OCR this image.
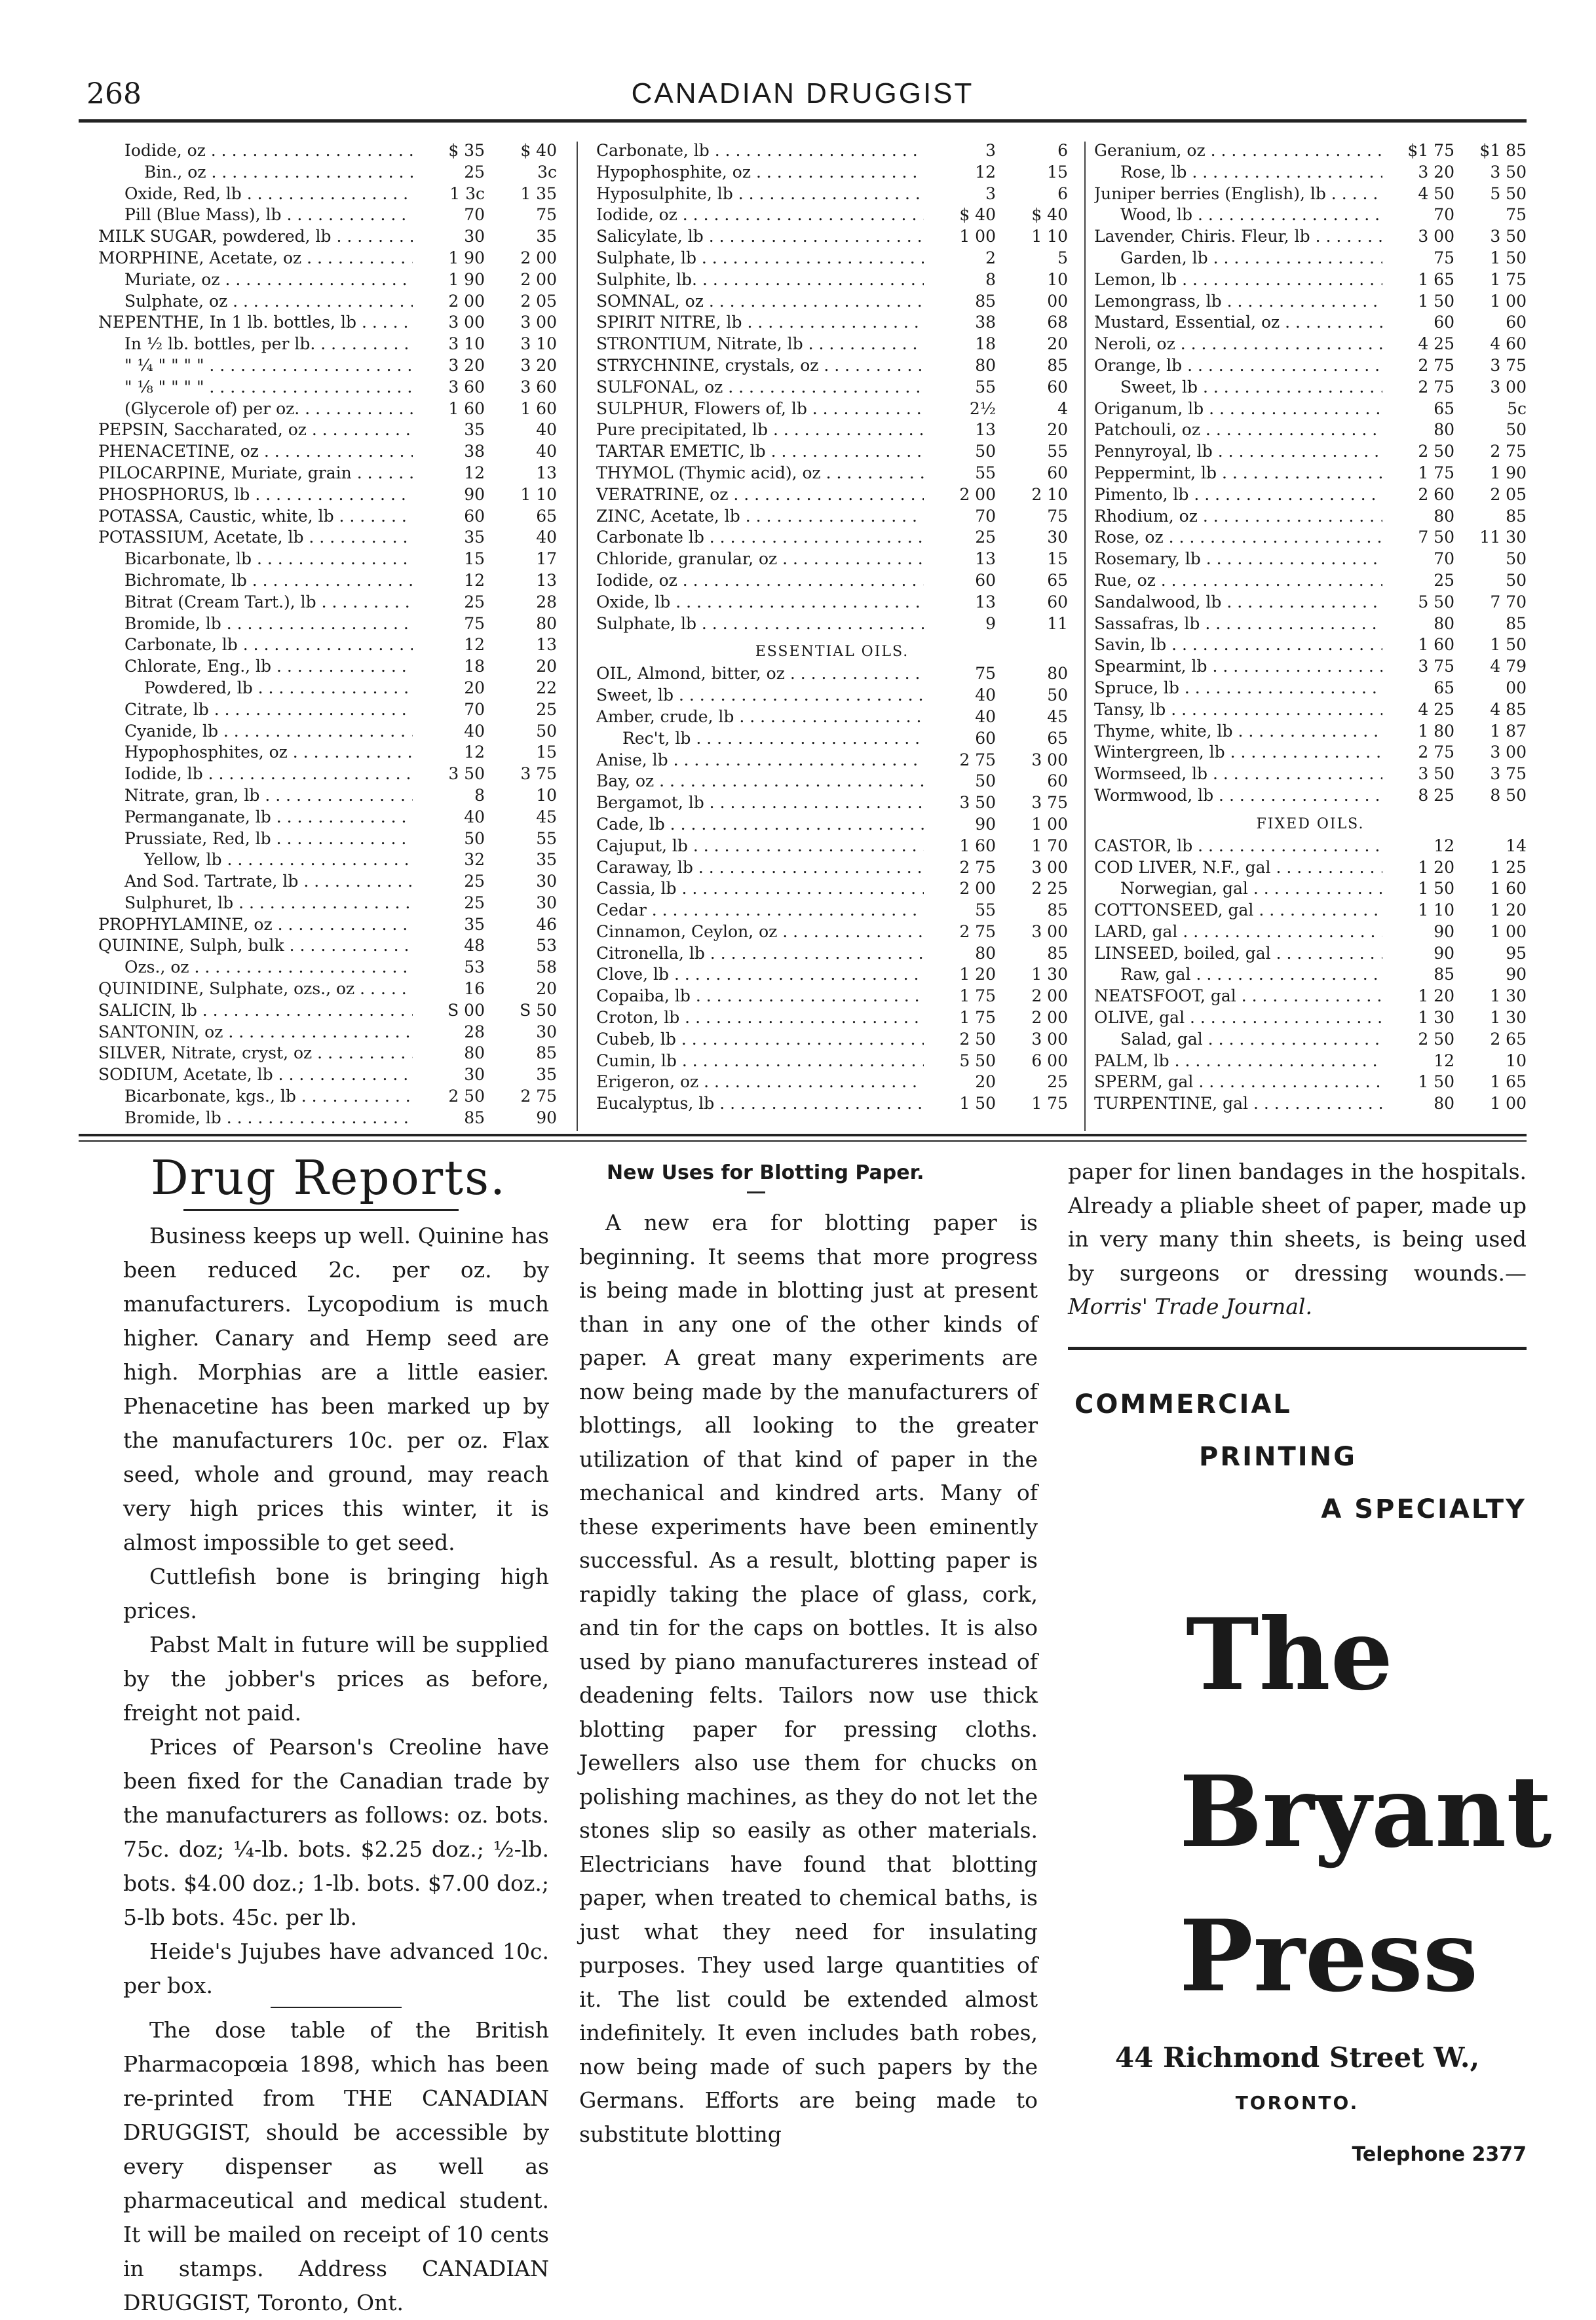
268	CANADIAN DRUGGIST
Iodide, oz . . .	$ 35	$ 40
Bin., oz . . .	25	3c
Oxide, Red, lb . . .	1 3c	1 35
Pill (Blue Mass), lb . . .	70	75
MILK SUGAR, powdered, lb . . .	30	35
MORPHINE, Acetate, oz . . .	1 90	2 00
Muriate, oz . . .	1 90	2 00
Sulphate, oz . . .	2 00	2 05
NEPENTHE, In 1 lb. bottles, lb . . .	3 00	3 00
In ½ lb. bottles, per lb. . . .	3 10	3 10
" ¼ " " " " . . .	3 20	3 20
" ⅛ " " " " . . .	3 60	3 60
(Glycerole of) per oz. . . .	1 60	1 60
PEPSIN, Saccharated, oz . . .	35	40
PHENACETINE, oz . . .	38	40
PILOCARPINE, Muriate, grain . . .	12	13
PHOSPHORUS, lb . . .	90	1 10
POTASSA, Caustic, white, lb . . .	60	65
POTASSIUM, Acetate, lb . . .	35	40
Bicarbonate, lb . . .	15	17
Bichromate, lb . . .	12	13
Bitrat (Cream Tart.), lb . . .	25	28
Bromide, lb . . .	75	80
Carbonate, lb . . .	12	13
Chlorate, Eng., lb . . .	18	20
Powdered, lb . . .	20	22
Citrate, lb . . .	70	25
Cyanide, lb . . .	40	50
Hypophosphites, oz . . .	12	15
Iodide, lb . . .	3 50	3 75
Nitrate, gran, lb . . .	8	10
Permanganate, lb . . .	40	45
Prussiate, Red, lb . . .	50	55
Yellow, lb . . .	32	35
And Sod. Tartrate, lb . . .	25	30
Sulphuret, lb . . .	25	30
PROPHYLAMINE, oz . . .	35	46
QUININE, Sulph, bulk . . .	48	53
Ozs., oz . . .	53	58
QUINIDINE, Sulphate, ozs., oz . . .	16	20
SALICIN, lb . . .	S 00	S 50
SANTONIN, oz . . .	28	30
SILVER, Nitrate, cryst, oz . . .	80	85
SODIUM, Acetate, lb . . .	30	35
Bicarbonate, kgs., lb . . .	2 50	2 75
Bromide, lb . . .	85	90
Carbonate, lb . . .	3	6
Hypophosphite, oz . . .	12	15
Hyposulphite, lb . . .	3	6
Iodide, oz . . .	$ 40	$ 40
Salicylate, lb . . .	1 00	1 10
Sulphate, lb . . .	2	5
Sulphite, lb. . . .	8	10
SOMNAL, oz . . .	85	00
SPIRIT NITRE, lb . . .	38	68
STRONTIUM, Nitrate, lb . . .	18	20
STRYCHNINE, crystals, oz . . .	80	85
SULFONAL, oz . . .	55	60
SULPHUR, Flowers of, lb . . .	2½	4
Pure precipitated, lb . . .	13	20
TARTAR EMETIC, lb . . .	50	55
THYMOL (Thymic acid), oz . . .	55	60
VERATRINE, oz . . .	2 00	2 10
ZINC, Acetate, lb . . .	70	75
Carbonate lb . . .	25	30
Chloride, granular, oz . . .	13	15
Iodide, oz . . .	60	65
Oxide, lb . . .	13	60
Sulphate, lb . . .	9	11
ESSENTIAL OILS.
OIL, Almond, bitter, oz . . .	75	80
Sweet, lb . . .	40	50
Amber, crude, lb . . .	40	45
Rec't, lb . . .	60	65
Anise, lb . . .	2 75	3 00
Bay, oz . . .	50	60
Bergamot, lb . . .	3 50	3 75
Cade, lb . . .	90	1 00
Cajuput, lb . . .	1 60	1 70
Caraway, lb . . .	2 75	3 00
Cassia, lb . . .	2 00	2 25
Cedar . . .	55	85
Cinnamon, Ceylon, oz . . .	2 75	3 00
Citronella, lb . . .	80	85
Clove, lb . . .	1 20	1 30
Copaiba, lb . . .	1 75	2 00
Croton, lb . . .	1 75	2 00
Cubeb, lb . . .	2 50	3 00
Cumin, lb . . .	5 50	6 00
Erigeron, oz . . .	20	25
Eucalyptus, lb . . .	1 50	1 75
Geranium, oz . . .	$1 75	$1 85
Rose, lb . . .	3 20	3 50
Juniper berries (English), lb . . .	4 50	5 50
Wood, lb . . .	70	75
Lavender, Chiris. Fleur, lb . . .	3 00	3 50
Garden, lb . . .	75	1 50
Lemon, lb . . .	1 65	1 75
Lemongrass, lb . . .	1 50	1 00
Mustard, Essential, oz . . .	60	60
Neroli, oz . . .	4 25	4 60
Orange, lb . . .	2 75	3 75
Sweet, lb . . .	2 75	3 00
Origanum, lb . . .	65	5c
Patchouli, oz . . .	80	50
Pennyroyal, lb . . .	2 50	2 75
Peppermint, lb . . .	1 75	1 90
Pimento, lb . . .	2 60	2 05
Rhodium, oz . . .	80	85
Rose, oz . . .	7 50	11 30
Rosemary, lb . . .	70	50
Rue, oz . . .	25	50
Sandalwood, lb . . .	5 50	7 70
Sassafras, lb . . .	80	85
Savin, lb . . .	1 60	1 50
Spearmint, lb . . .	3 75	4 79
Spruce, lb . . .	65	00
Tansy, lb . . .	4 25	4 85
Thyme, white, lb . . .	1 80	1 87
Wintergreen, lb . . .	2 75	3 00
Wormseed, lb . . .	3 50	3 75
Wormwood, lb . . .	8 25	8 50
FIXED OILS.
CASTOR, lb . . .	12	14
COD LIVER, N.F., gal . . .	1 20	1 25
Norwegian, gal . . .	1 50	1 60
COTTONSEED, gal . . .	1 10	1 20
LARD, gal . . .	90	1 00
LINSEED, boiled, gal . . .	90	95
Raw, gal . . .	85	90
NEATSFOOT, gal . . .	1 20	1 30
OLIVE, gal . . .	1 30	1 30
Salad, gal . . .	2 50	2 65
PALM, lb . . .	12	10
SPERM, gal . . .	1 50	1 65
TURPENTINE, gal . . .	80	1 00
Drug Reports.

Business keeps up well. Quinine has been reduced 2c. per oz. by manufacturers. Lycopodium is much higher. Canary and Hemp seed are high. Morphias are a little easier. Phenacetine has been marked up by the manufacturers 10c. per oz. Flax seed, whole and ground, may reach very high prices this winter, it is almost impossible to get seed.

Cuttlefish bone is bringing high prices.

Pabst Malt in future will be supplied by the jobber's prices as before, freight not paid.

Prices of Pearson's Creoline have been fixed for the Canadian trade by the manufacturers as follows: oz. bots. 75c. doz; ¼-lb. bots. $2.25 doz.; ½-lb. bots. $4.00 doz.; 1-lb. bots. $7.00 doz.; 5-lb bots. 45c. per lb.

Heide's Jujubes have advanced 10c. per box.

The dose table of the British Pharmacopœia 1898, which has been re-printed from THE CANADIAN DRUGGIST, should be accessible by every dispenser as well as pharmaceutical and medical student. It will be mailed on receipt of 10 cents in stamps. Address CANADIAN DRUGGIST, Toronto, Ont.

New Uses for Blotting Paper.

A new era for blotting paper is beginning. It seems that more progress is being made in blotting just at present than in any one of the other kinds of paper. A great many experiments are now being made by the manufacturers of blottings, all looking to the greater utilization of that kind of paper in the mechanical and kindred arts. Many of these experiments have been eminently successful. As a result, blotting paper is rapidly taking the place of glass, cork, and tin for the caps on bottles. It is also used by piano manufactureres instead of deadening felts. Tailors now use thick blotting paper for pressing cloths. Jewellers also use them for chucks on polishing machines, as they do not let the stones slip so easily as other materials. Electricians have found that blotting paper, when treated to chemical baths, is just what they need for insulating purposes. They used large quantities of it. The list could be extended almost indefinitely. It even includes bath robes, now being made of such papers by the Germans. Efforts are being made to substitute blotting

paper for linen bandages in the hospitals. Already a pliable sheet of paper, made up in very many thin sheets, is being used by surgeons or dressing wounds.— Morris' Trade Journal.
COMMERCIAL
PRINTING
A SPECIALTY
The
Bryant
Press
44 Richmond Street W.,
TORONTO.
Telephone 2377
